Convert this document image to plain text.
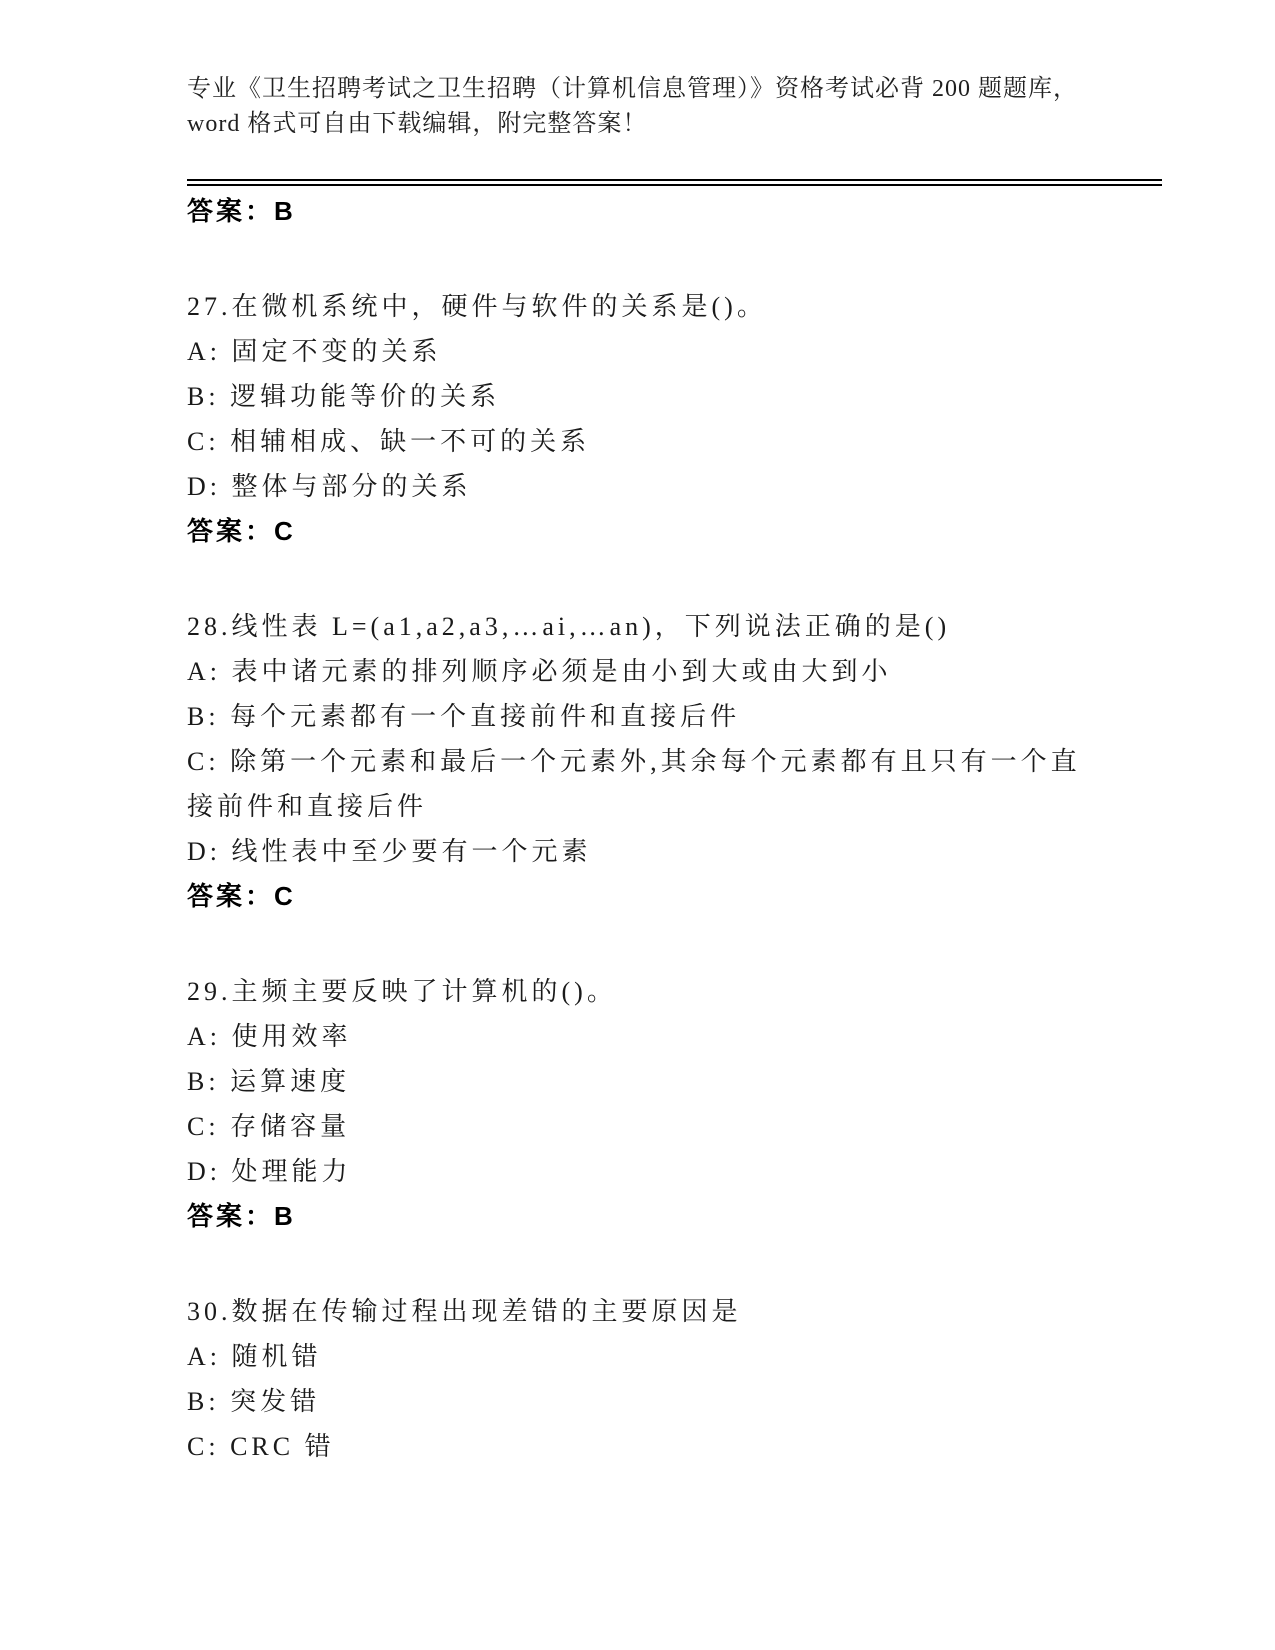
专业《卫生招聘考试之卫生招聘（计算机信息管理）》资格考试必背 200 题题库，
word 格式可自由下载编辑，附完整答案！
答案：B
27.在微机系统中，硬件与软件的关系是()。
A: 固定不变的关系
B: 逻辑功能等价的关系
C: 相辅相成、缺一不可的关系
D: 整体与部分的关系
答案：C
28.线性表 L=(a1,a2,a3,…ai,…an)，下列说法正确的是()
A: 表中诸元素的排列顺序必须是由小到大或由大到小
B: 每个元素都有一个直接前件和直接后件
C: 除第一个元素和最后一个元素外,其余每个元素都有且只有一个直接前件和直接后件
D: 线性表中至少要有一个元素
答案：C
29.主频主要反映了计算机的()。
A: 使用效率
B: 运算速度
C: 存储容量
D: 处理能力
答案：B
30.数据在传输过程出现差错的主要原因是
A: 随机错
B: 突发错
C: CRC 错
